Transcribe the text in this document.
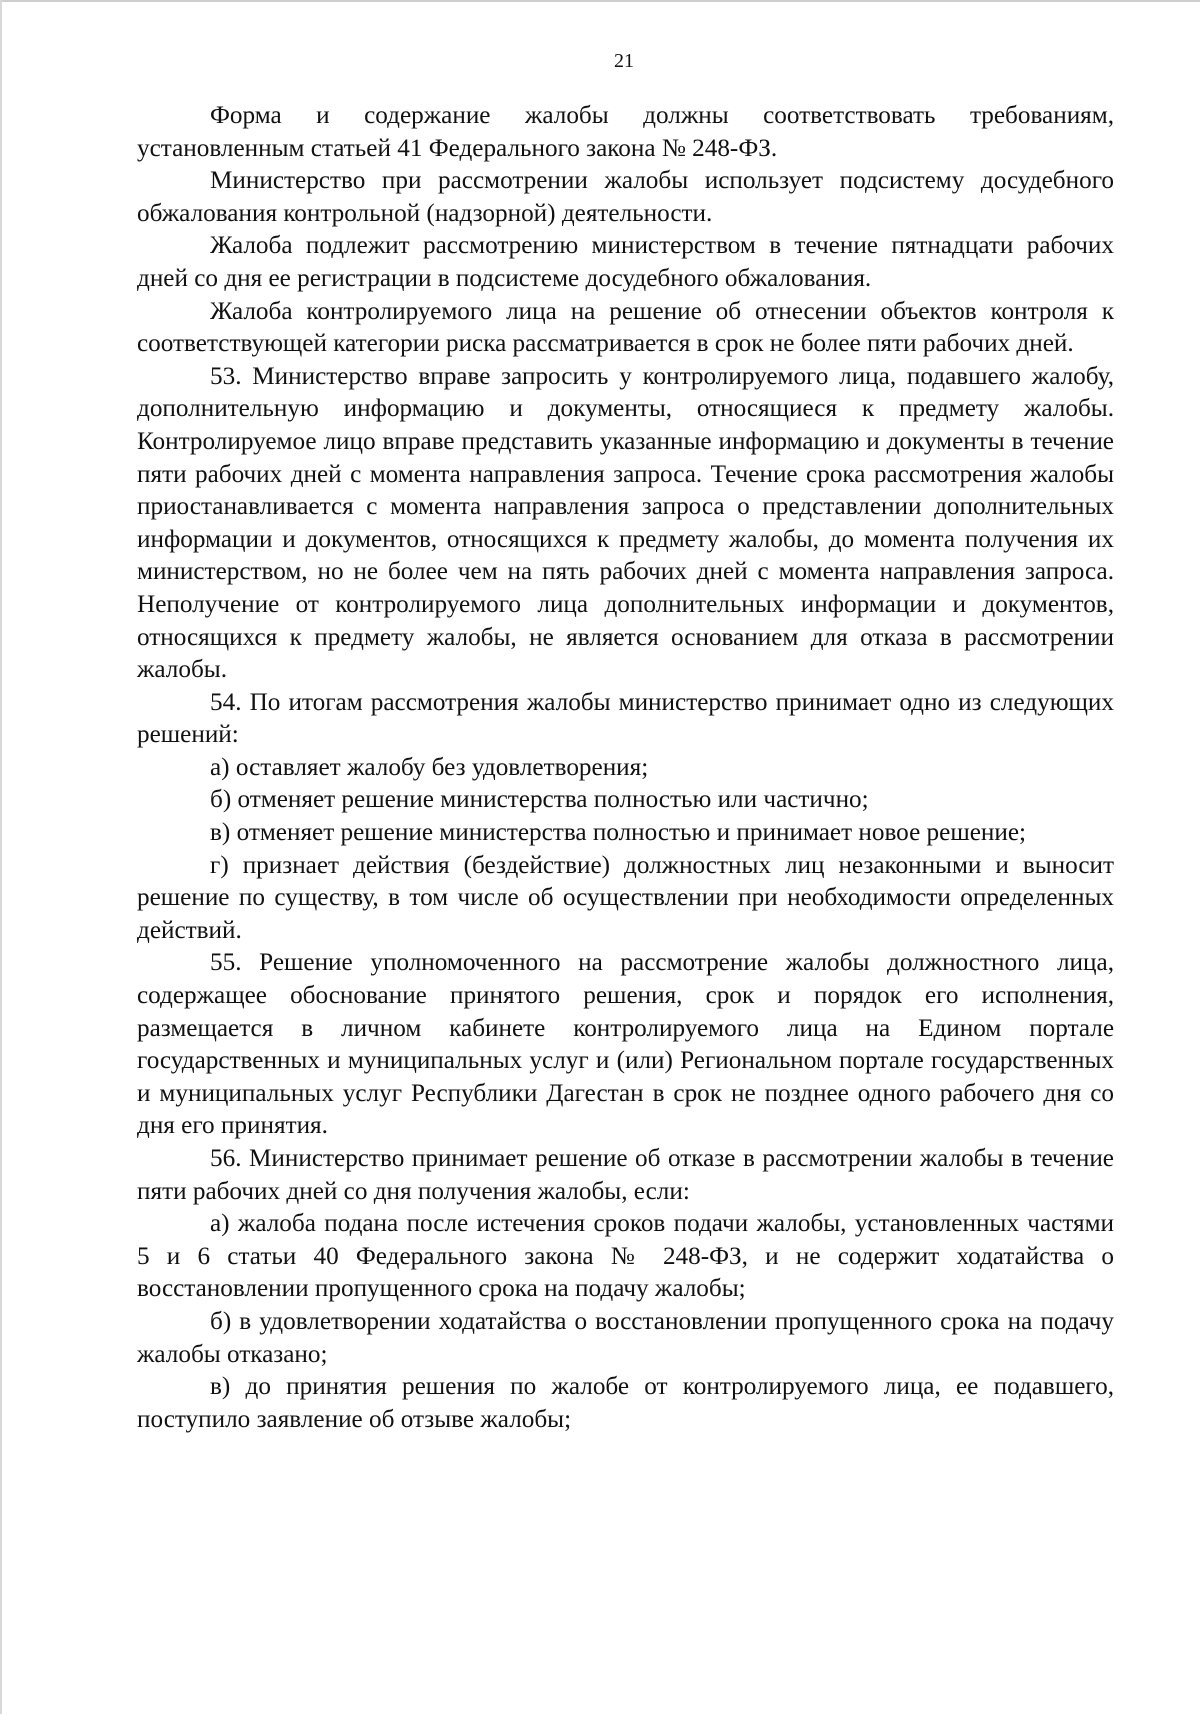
21

Форма и содержание жалобы должны соответствовать требованиям, установленным статьей 41 Федерального закона № 248-ФЗ.

Министерство при рассмотрении жалобы использует подсистему досудебного обжалования контрольной (надзорной) деятельности.

Жалоба подлежит рассмотрению министерством в течение пятнадцати рабочих дней со дня ее регистрации в подсистеме досудебного обжалования.

Жалоба контролируемого лица на решение об отнесении объектов контроля к соответствующей категории риска рассматривается в срок не более пяти рабочих дней.

53. Министерство вправе запросить у контролируемого лица, подавшего жалобу, дополнительную информацию и документы, относящиеся к предмету жалобы. Контролируемое лицо вправе представить указанные информацию и документы в течение пяти рабочих дней с момента направления запроса. Течение срока рассмотрения жалобы приостанавливается с момента направления запроса о представлении дополнительных информации и документов, относящихся к предмету жалобы, до момента получения их министерством, но не более чем на пять рабочих дней с момента направления запроса. Неполучение от контролируемого лица дополнительных информации и документов, относящихся к предмету жалобы, не является основанием для отказа в рассмотрении жалобы.

54. По итогам рассмотрения жалобы министерство принимает одно из следующих решений:

а) оставляет жалобу без удовлетворения;

б) отменяет решение министерства полностью или частично;

в) отменяет решение министерства полностью и принимает новое решение;

г) признает действия (бездействие) должностных лиц незаконными и выносит решение по существу, в том числе об осуществлении при необходимости определенных действий.

55. Решение уполномоченного на рассмотрение жалобы должностного лица, содержащее обоснование принятого решения, срок и порядок его исполнения, размещается в личном кабинете контролируемого лица на Едином портале государственных и муниципальных услуг и (или) Региональном портале государственных и муниципальных услуг Республики Дагестан в срок не позднее одного рабочего дня со дня его принятия.

56. Министерство принимает решение об отказе в рассмотрении жалобы в течение пяти рабочих дней со дня получения жалобы, если:

а) жалоба подана после истечения сроков подачи жалобы, установленных частями 5 и 6 статьи 40 Федерального закона № 248-ФЗ, и не содержит ходатайства о восстановлении пропущенного срока на подачу жалобы;

б) в удовлетворении ходатайства о восстановлении пропущенного срока на подачу жалобы отказано;

в) до принятия решения по жалобе от контролируемого лица, ее подавшего, поступило заявление об отзыве жалобы;
